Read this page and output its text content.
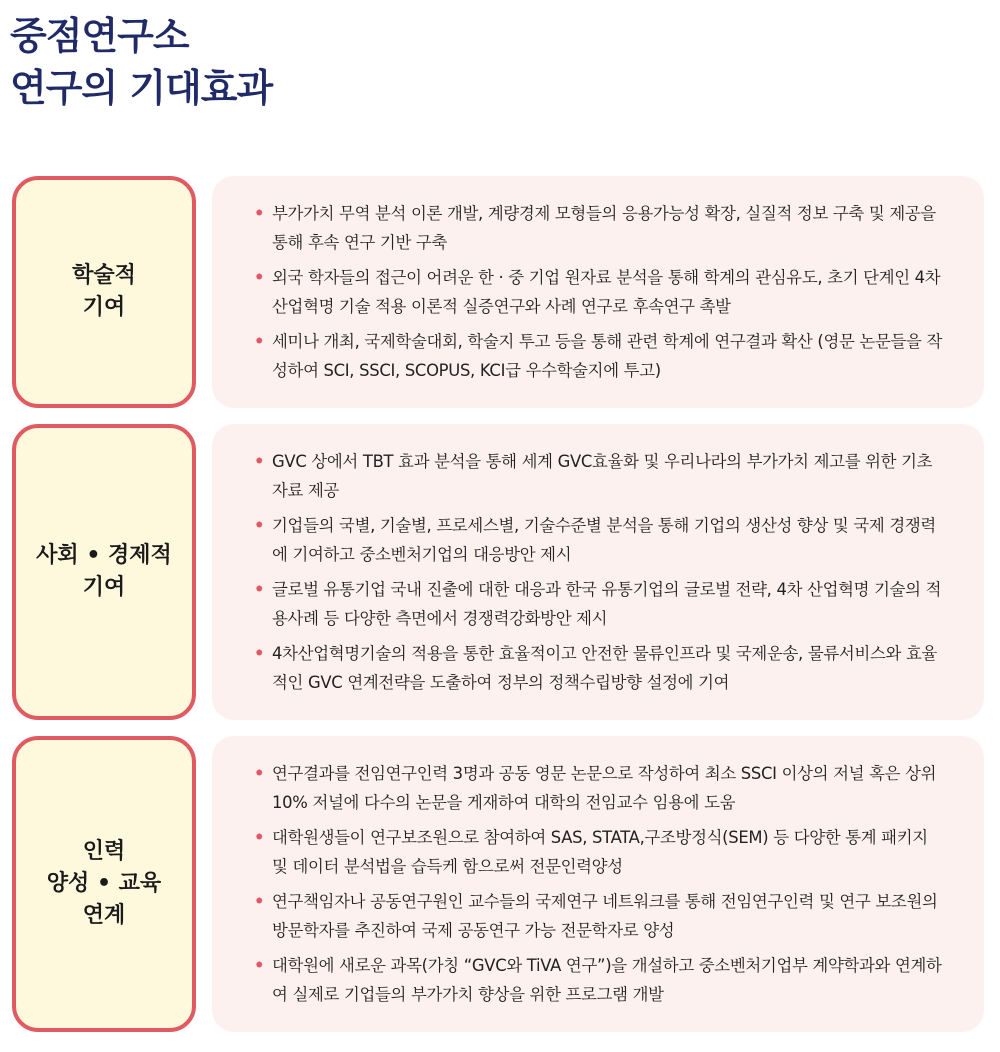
중점연구소
연구의 기대효과
학술적
기여
• 부가가치 무역 분석 이론 개발, 계량경제 모형들의 응용가능성 확장, 실질적 정보 구축 및 제공을 통해 후속 연구 기반 구축
• 외국 학자들의 접근이 어려운 한 · 중 기업 원자료 분석을 통해 학계의 관심유도, 초기 단계인 4차 산업혁명 기술 적용 이론적 실증연구와 사례 연구로 후속연구 촉발
• 세미나 개최, 국제학술대회, 학술지 투고 등을 통해 관련 학계에 연구결과 확산 (영문 논문들을 작성하여 SCI, SSCI, SCOPUS, KCI급 우수학술지에 투고)
사회 • 경제적
기여
• GVC 상에서 TBT 효과 분석을 통해 세계 GVC효율화 및 우리나라의 부가가치 제고를 위한 기초 자료 제공
• 기업들의 국별, 기술별, 프로세스별, 기술수준별 분석을 통해 기업의 생산성 향상 및 국제 경쟁력에 기여하고 중소벤처기업의 대응방안 제시
• 글로벌 유통기업 국내 진출에 대한 대응과 한국 유통기업의 글로벌 전략, 4차 산업혁명 기술의 적용사례 등 다양한 측면에서 경쟁력강화방안 제시
• 4차산업혁명기술의 적용을 통한 효율적이고 안전한 물류인프라 및 국제운송, 물류서비스와 효율적인 GVC 연계전략을 도출하여 정부의 정책수립방향 설정에 기여
인력
양성 • 교육
연계
• 연구결과를 전임연구인력 3명과 공동 영문 논문으로 작성하여 최소 SSCI 이상의 저널 혹은 상위 10% 저널에 다수의 논문을 게재하여 대학의 전임교수 임용에 도움
• 대학원생들이 연구보조원으로 참여하여 SAS, STATA,구조방정식(SEM) 등 다양한 통계 패키지 및 데이터 분석법을 습득케 함으로써 전문인력양성
• 연구책임자나 공동연구원인 교수들의 국제연구 네트워크를 통해 전임연구인력 및 연구 보조원의 방문학자를 추진하여 국제 공동연구 가능 전문학자로 양성
• 대학원에 새로운 과목(가칭 “GVC와 TiVA 연구”)을 개설하고 중소벤처기업부 계약학과와 연계하여 실제로 기업들의 부가가치 향상을 위한 프로그램 개발
